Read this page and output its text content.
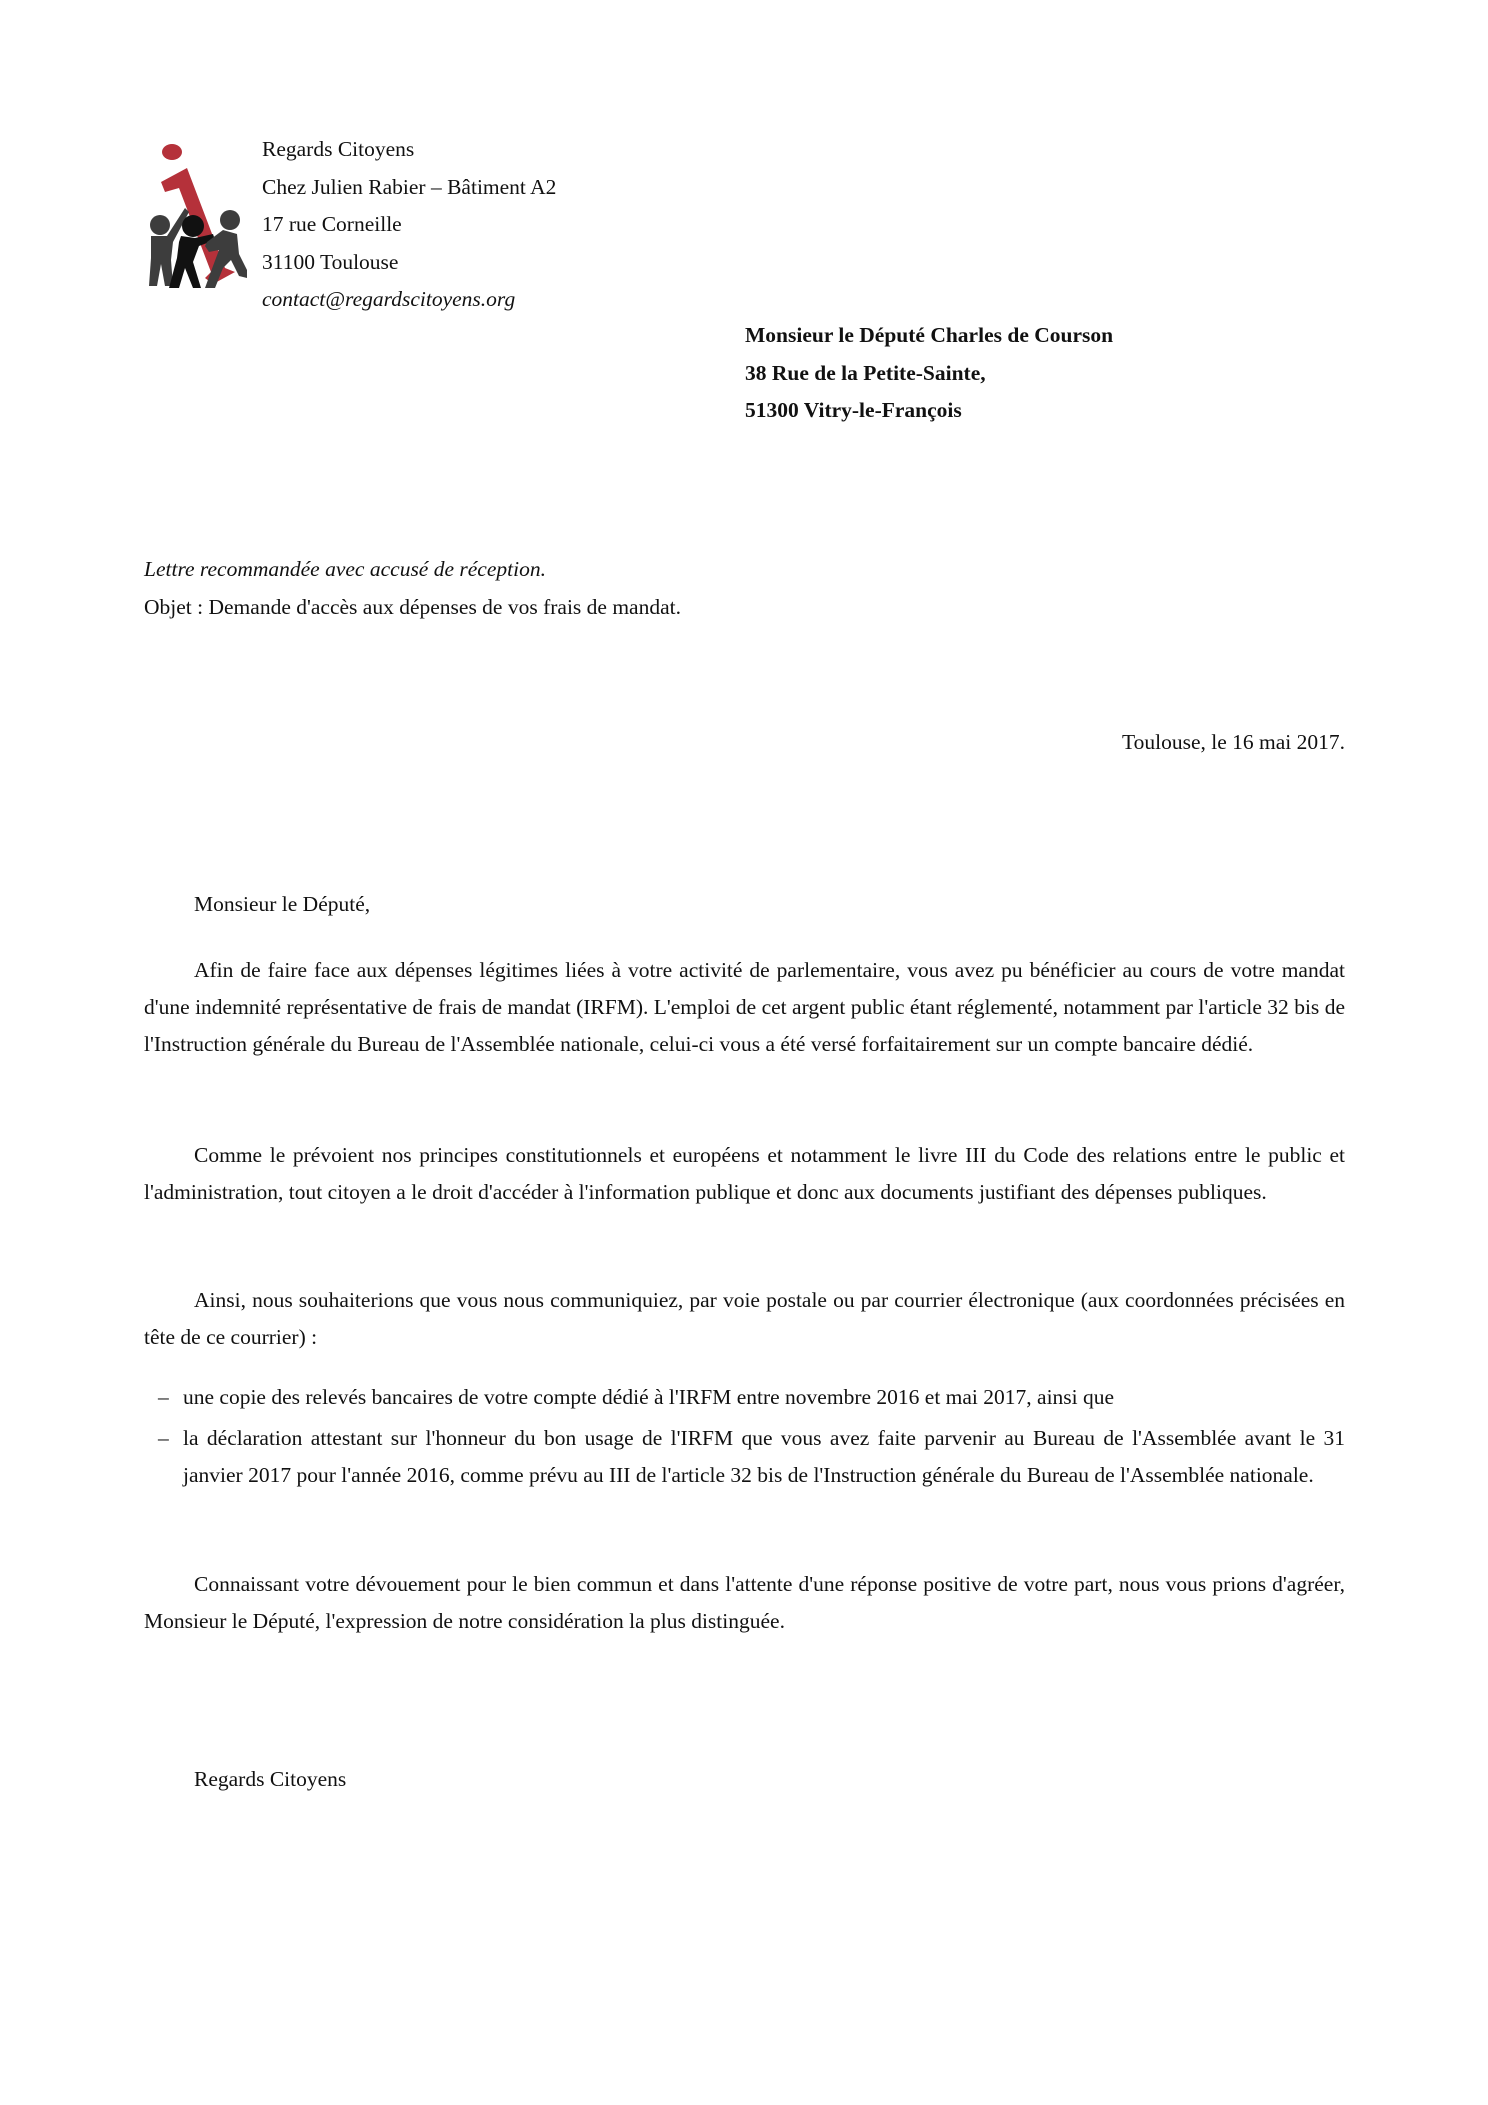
Regards Citoyens
Chez Julien Rabier – Bâtiment A2
17 rue Corneille
31100 Toulouse
contact@regardscitoyens.org
Monsieur le Député Charles de Courson
38 Rue de la Petite-Sainte,
51300 Vitry-le-François
Lettre recommandée avec accusé de réception.
Objet : Demande d'accès aux dépenses de vos frais de mandat.
Toulouse, le 16 mai 2017.
Monsieur le Député,

Afin de faire face aux dépenses légitimes liées à votre activité de parlementaire, vous avez pu bénéficier au cours de votre mandat d'une indemnité représentative de frais de mandat (IRFM). L'emploi de cet argent public étant réglementé, notamment par l'article 32 bis de l'Instruction générale du Bureau de l'Assemblée nationale, celui-ci vous a été versé forfaitairement sur un compte bancaire dédié.

Comme le prévoient nos principes constitutionnels et européens et notamment le livre III du Code des relations entre le public et l'administration, tout citoyen a le droit d'accéder à l'information publique et donc aux documents justifiant des dépenses publiques.

Ainsi, nous souhaiterions que vous nous communiquiez, par voie postale ou par courrier électronique (aux coordonnées précisées en tête de ce courrier) :

– une copie des relevés bancaires de votre compte dédié à l'IRFM entre novembre 2016 et mai 2017, ainsi que
– la déclaration attestant sur l'honneur du bon usage de l'IRFM que vous avez faite parvenir au Bureau de l'Assemblée avant le 31 janvier 2017 pour l'année 2016, comme prévu au III de l'article 32 bis de l'Instruction générale du Bureau de l'Assemblée nationale.

Connaissant votre dévouement pour le bien commun et dans l'attente d'une réponse positive de votre part, nous vous prions d'agréer, Monsieur le Député, l'expression de notre considération la plus distinguée.

Regards Citoyens
